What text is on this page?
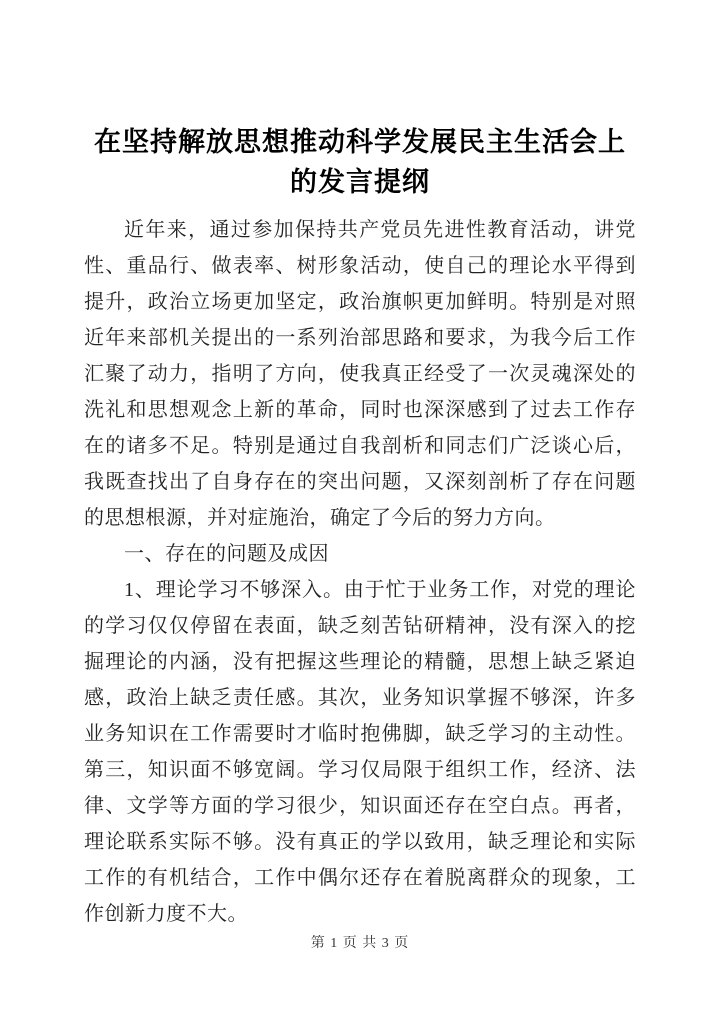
在坚持解放思想推动科学发展民主生活会上的发言提纲

近年来，通过参加保持共产党员先进性教育活动，讲党性、重品行、做表率、树形象活动，使自己的理论水平得到提升，政治立场更加坚定，政治旗帜更加鲜明。特别是对照近年来部机关提出的一系列治部思路和要求，为我今后工作汇聚了动力，指明了方向，使我真正经受了一次灵魂深处的洗礼和思想观念上新的革命，同时也深深感到了过去工作存在的诸多不足。特别是通过自我剖析和同志们广泛谈心后，我既查找出了自身存在的突出问题，又深刻剖析了存在问题的思想根源，并对症施治，确定了今后的努力方向。

一、存在的问题及成因

1、理论学习不够深入。由于忙于业务工作，对党的理论的学习仅仅停留在表面，缺乏刻苦钻研精神，没有深入的挖掘理论的内涵，没有把握这些理论的精髓，思想上缺乏紧迫感，政治上缺乏责任感。其次，业务知识掌握不够深，许多业务知识在工作需要时才临时抱佛脚，缺乏学习的主动性。第三，知识面不够宽阔。学习仅局限于组织工作，经济、法律、文学等方面的学习很少，知识面还存在空白点。再者，理论联系实际不够。没有真正的学以致用，缺乏理论和实际工作的有机结合，工作中偶尔还存在着脱离群众的现象，工作创新力度不大。

第 1 页 共 3 页
